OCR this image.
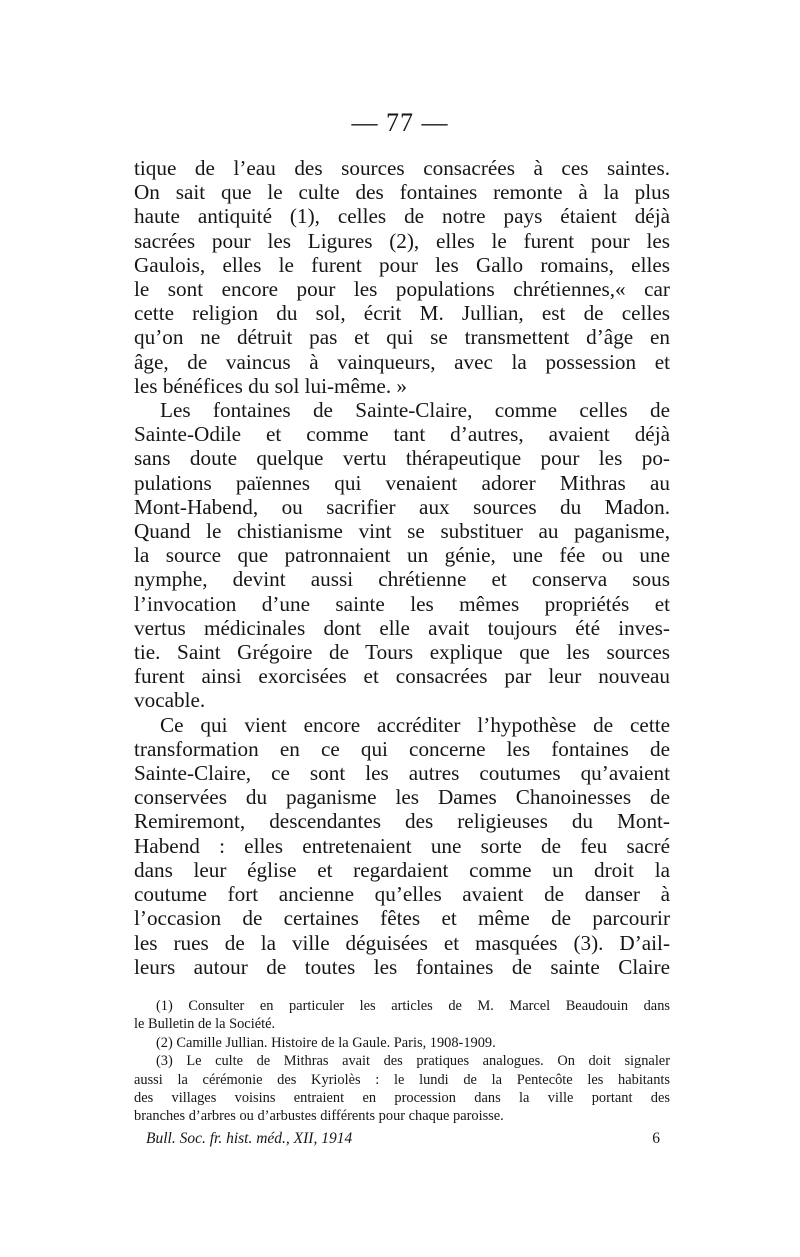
— 77 —

tique de l’eau des sources consacrées à ces saintes.
On sait que le culte des fontaines remonte à la plus
haute antiquité (1), celles de notre pays étaient déjà
sacrées pour les Ligures (2), elles le furent pour les
Gaulois, elles le furent pour les Gallo romains, elles
le sont encore pour les populations chrétiennes,« car
cette religion du sol, écrit M. Jullian, est de celles
qu’on ne détruit pas et qui se transmettent d’âge en
âge, de vaincus à vainqueurs, avec la possession et
les bénéfices du sol lui-même. »

Les fontaines de Sainte-Claire, comme celles de
Sainte-Odile et comme tant d’autres, avaient déjà
sans doute quelque vertu thérapeutique pour les po-
pulations païennes qui venaient adorer Mithras au
Mont-Habend, ou sacrifier aux sources du Madon.
Quand le chistianisme vint se substituer au paganisme,
la source que patronnaient un génie, une fée ou une
nymphe, devint aussi chrétienne et conserva sous
l’invocation d’une sainte les mêmes propriétés et
vertus médicinales dont elle avait toujours été inves-
tie. Saint Grégoire de Tours explique que les sources
furent ainsi exorcisées et consacrées par leur nouveau
vocable.

Ce qui vient encore accréditer l’hypothèse de cette
transformation en ce qui concerne les fontaines de
Sainte-Claire, ce sont les autres coutumes qu’avaient
conservées du paganisme les Dames Chanoinesses de
Remiremont, descendantes des religieuses du Mont-
Habend : elles entretenaient une sorte de feu sacré
dans leur église et regardaient comme un droit la
coutume fort ancienne qu’elles avaient de danser à
l’occasion de certaines fêtes et même de parcourir
les rues de la ville déguisées et masquées (3). D’ail-
leurs autour de toutes les fontaines de sainte Claire

(1) Consulter en particuler les articles de M. Marcel Beaudouin dans
le Bulletin de la Société.
(2) Camille Jullian. Histoire de la Gaule. Paris, 1908-1909.
(3) Le culte de Mithras avait des pratiques analogues. On doit signaler
aussi la cérémonie des Kyriolès : le lundi de la Pentecôte les habitants
des villages voisins entraient en procession dans la ville portant des
branches d’arbres ou d’arbustes différents pour chaque paroisse.
Bull. Soc. fr. hist. méd., XII, 1914	6
